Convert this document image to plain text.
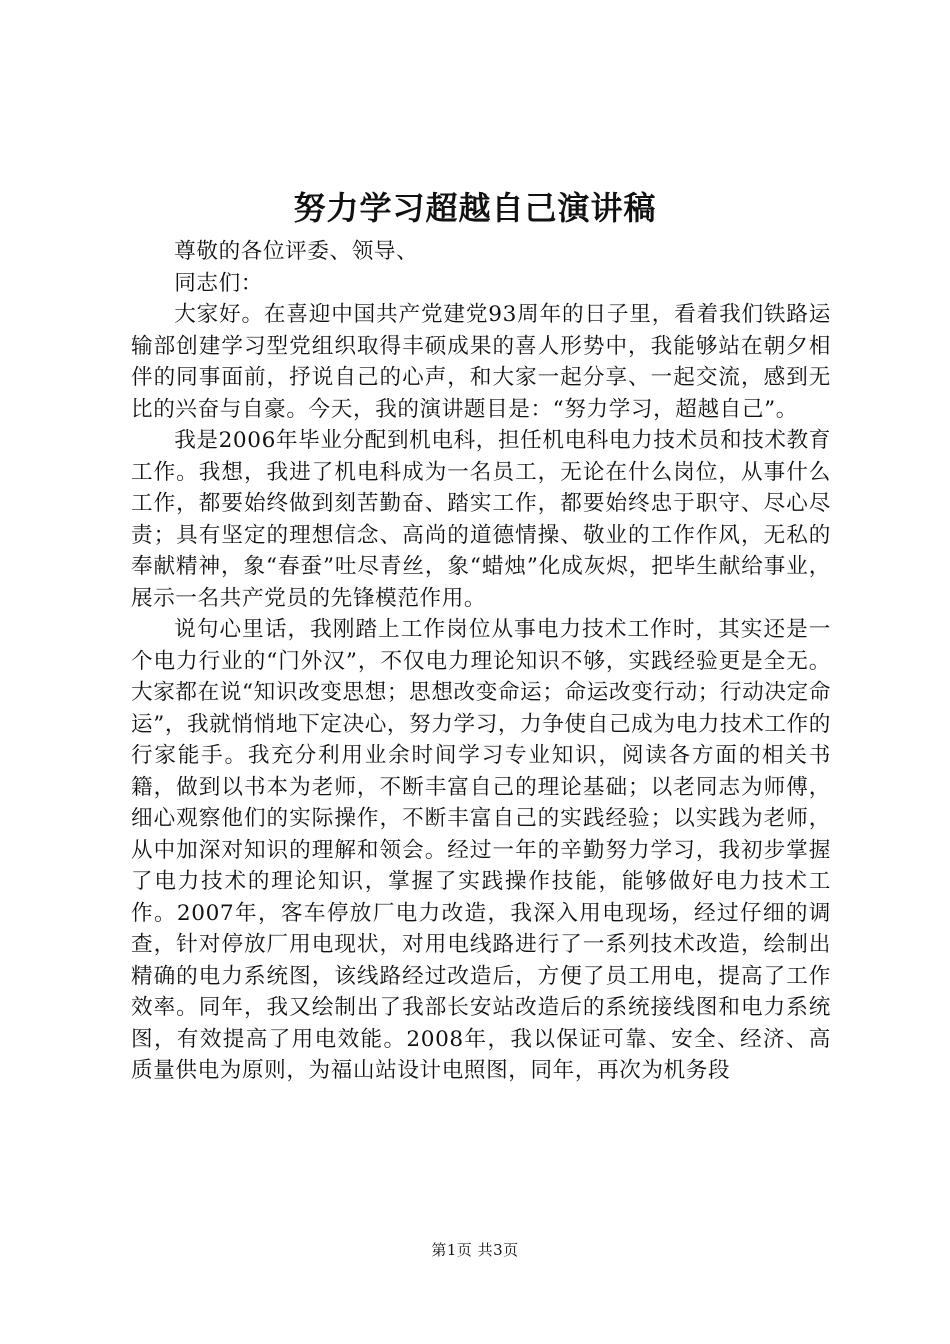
努力学习超越自己演讲稿

尊敬的各位评委、领导、

同志们：

大家好。在喜迎中国共产党建党93周年的日子里，看着我们铁路运输部创建学习型党组织取得丰硕成果的喜人形势中，我能够站在朝夕相伴的同事面前，抒说自己的心声，和大家一起分享、一起交流，感到无比的兴奋与自豪。今天，我的演讲题目是：“努力学习，超越自己”。

我是2006年毕业分配到机电科，担任机电科电力技术员和技术教育工作。我想，我进了机电科成为一名员工，无论在什么岗位，从事什么工作，都要始终做到刻苦勤奋、踏实工作，都要始终忠于职守、尽心尽责；具有坚定的理想信念、高尚的道德情操、敬业的工作作风，无私的奉献精神，象“春蚕”吐尽青丝，象“蜡烛”化成灰烬，把毕生献给事业，展示一名共产党员的先锋模范作用。

说句心里话，我刚踏上工作岗位从事电力技术工作时，其实还是一个电力行业的“门外汉”，不仅电力理论知识不够，实践经验更是全无。大家都在说“知识改变思想；思想改变命运；命运改变行动；行动决定命运”，我就悄悄地下定决心，努力学习，力争使自己成为电力技术工作的行家能手。我充分利用业余时间学习专业知识，阅读各方面的相关书籍，做到以书本为老师，不断丰富自己的理论基础；以老同志为师傅，细心观察他们的实际操作，不断丰富自己的实践经验；以实践为老师，从中加深对知识的理解和领会。经过一年的辛勤努力学习，我初步掌握了电力技术的理论知识，掌握了实践操作技能，能够做好电力技术工作。2007年，客车停放厂电力改造，我深入用电现场，经过仔细的调查，针对停放厂用电现状，对用电线路进行了一系列技术改造，绘制出精确的电力系统图，该线路经过改造后，方便了员工用电，提高了工作效率。同年，我又绘制出了我部长安站改造后的系统接线图和电力系统图，有效提高了用电效能。2008年，我以保证可靠、安全、经济、高质量供电为原则，为福山站设计电照图，同年，再次为机务段

第1页 共3页
